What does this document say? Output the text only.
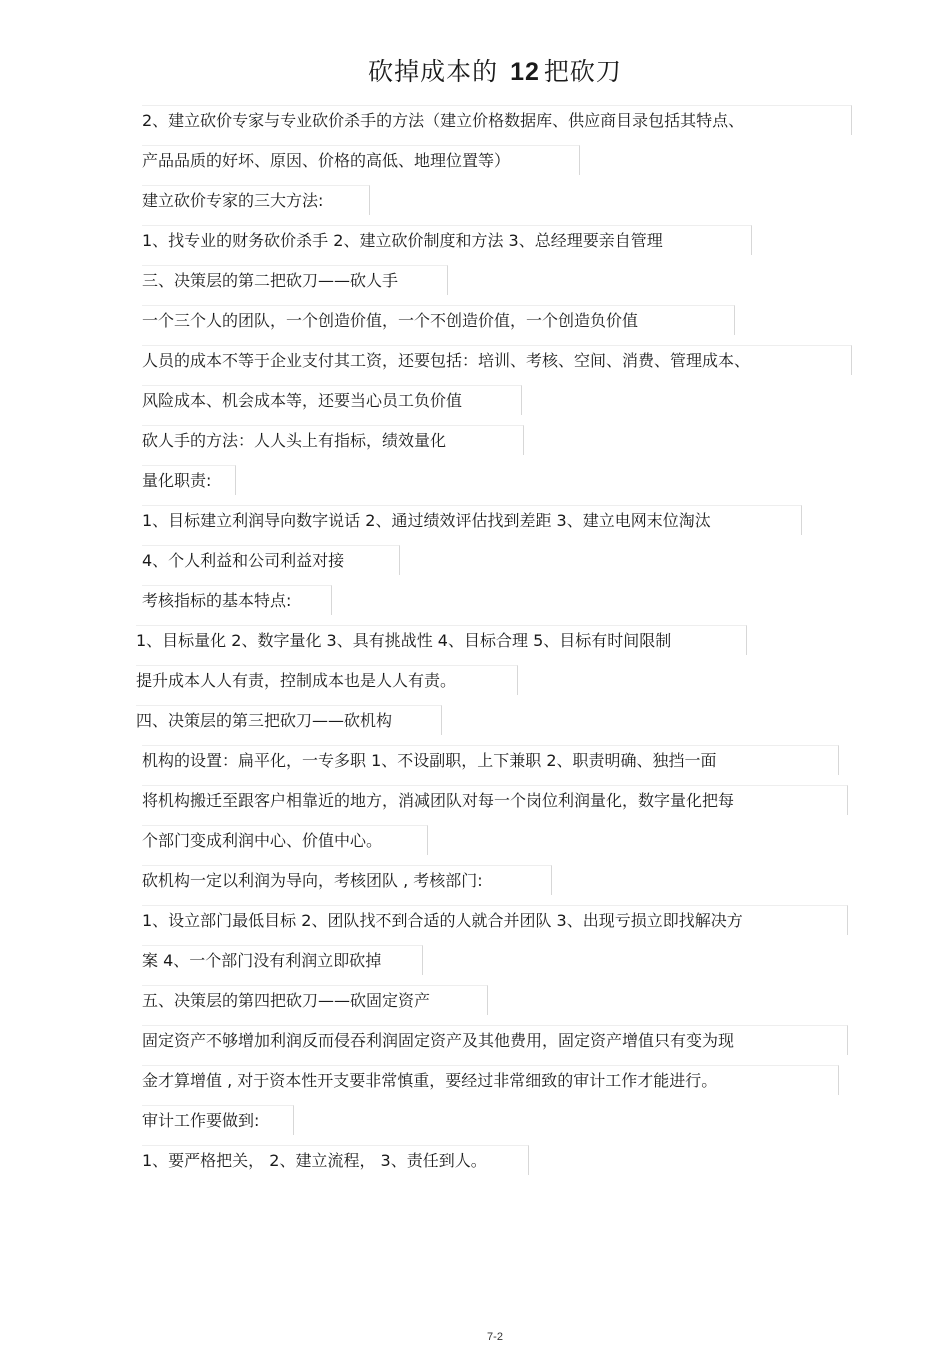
砍掉成本的 12 把砍刀
2、建立砍价专家与专业砍价杀手的方法（建立价格数据库、供应商目录包括其特点、
产品品质的好坏、原因、价格的高低、地理位置等）
建立砍价专家的三大方法:
1、找专业的财务砍价杀手 2、建立砍价制度和方法 3、总经理要亲自管理
三、决策层的第二把砍刀——砍人手
一个三个人的团队，一个创造价值，一个不创造价值，一个创造负价值
人员的成本不等于企业支付其工资，还要包括：培训、考核、空间、消费、管理成本、
风险成本、机会成本等，还要当心员工负价值
砍人手的方法：人人头上有指标，绩效量化
量化职责:
1、目标建立利润导向数字说话 2、通过绩效评估找到差距 3、建立电网末位淘汰
4、个人利益和公司利益对接
考核指标的基本特点:
1、目标量化 2、数字量化 3、具有挑战性 4、目标合理 5、目标有时间限制
提升成本人人有责，控制成本也是人人有责。
四、决策层的第三把砍刀——砍机构
机构的设置：扁平化，一专多职 1、不设副职，上下兼职 2、职责明确、独挡一面
将机构搬迁至跟客户相靠近的地方，消减团队对每一个岗位利润量化，数字量化把每
个部门变成利润中心、价值中心。
砍机构一定以利润为导向，考核团队 , 考核部门:
1、设立部门最低目标 2、团队找不到合适的人就合并团队 3、出现亏损立即找解决方
案 4、一个部门没有利润立即砍掉
五、决策层的第四把砍刀——砍固定资产
固定资产不够增加利润反而侵吞利润固定资产及其他费用，固定资产增值只有变为现
金才算增值 , 对于资本性开支要非常慎重，要经过非常细致的审计工作才能进行。
审计工作要做到:
1、要严格把关， 2、建立流程， 3、责任到人。
7-2
